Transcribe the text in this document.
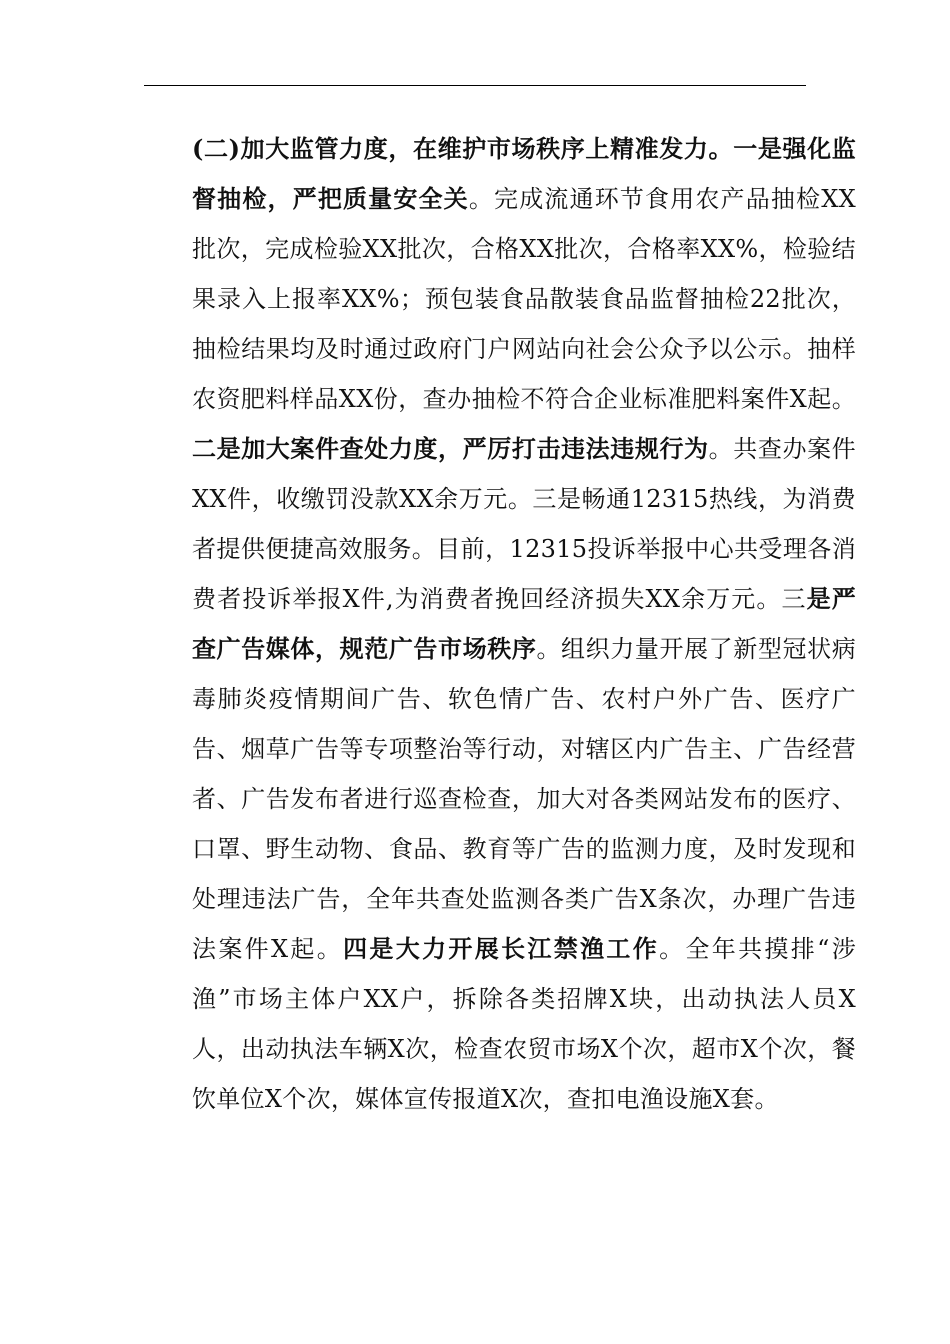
(二)加大监管力度，在维护市场秩序上精准发力。一是强化监督抽检，严把质量安全关。完成流通环节食用农产品抽检XX批次，完成检验XX批次，合格XX批次，合格率XX%，检验结果录入上报率XX%；预包装食品散装食品监督抽检22批次，抽检结果均及时通过政府门户网站向社会公众予以公示。抽样农资肥料样品XX份，查办抽检不符合企业标准肥料案件X起。二是加大案件查处力度，严厉打击违法违规行为。共查办案件XX件，收缴罚没款XX余万元。三是畅通12315热线，为消费者提供便捷高效服务。目前，12315投诉举报中心共受理各消费者投诉举报X件,为消费者挽回经济损失XX余万元。三是严查广告媒体，规范广告市场秩序。组织力量开展了新型冠状病毒肺炎疫情期间广告、软色情广告、农村户外广告、医疗广告、烟草广告等专项整治等行动，对辖区内广告主、广告经营者、广告发布者进行巡查检查，加大对各类网站发布的医疗、口罩、野生动物、食品、教育等广告的监测力度，及时发现和处理违法广告，全年共查处监测各类广告X条次，办理广告违法案件X起。四是大力开展长江禁渔工作。全年共摸排“涉渔”市场主体户XX户，拆除各类招牌X块，出动执法人员X人，出动执法车辆X次，检查农贸市场X个次，超市X个次，餐饮单位X个次，媒体宣传报道X次，查扣电渔设施X套。
